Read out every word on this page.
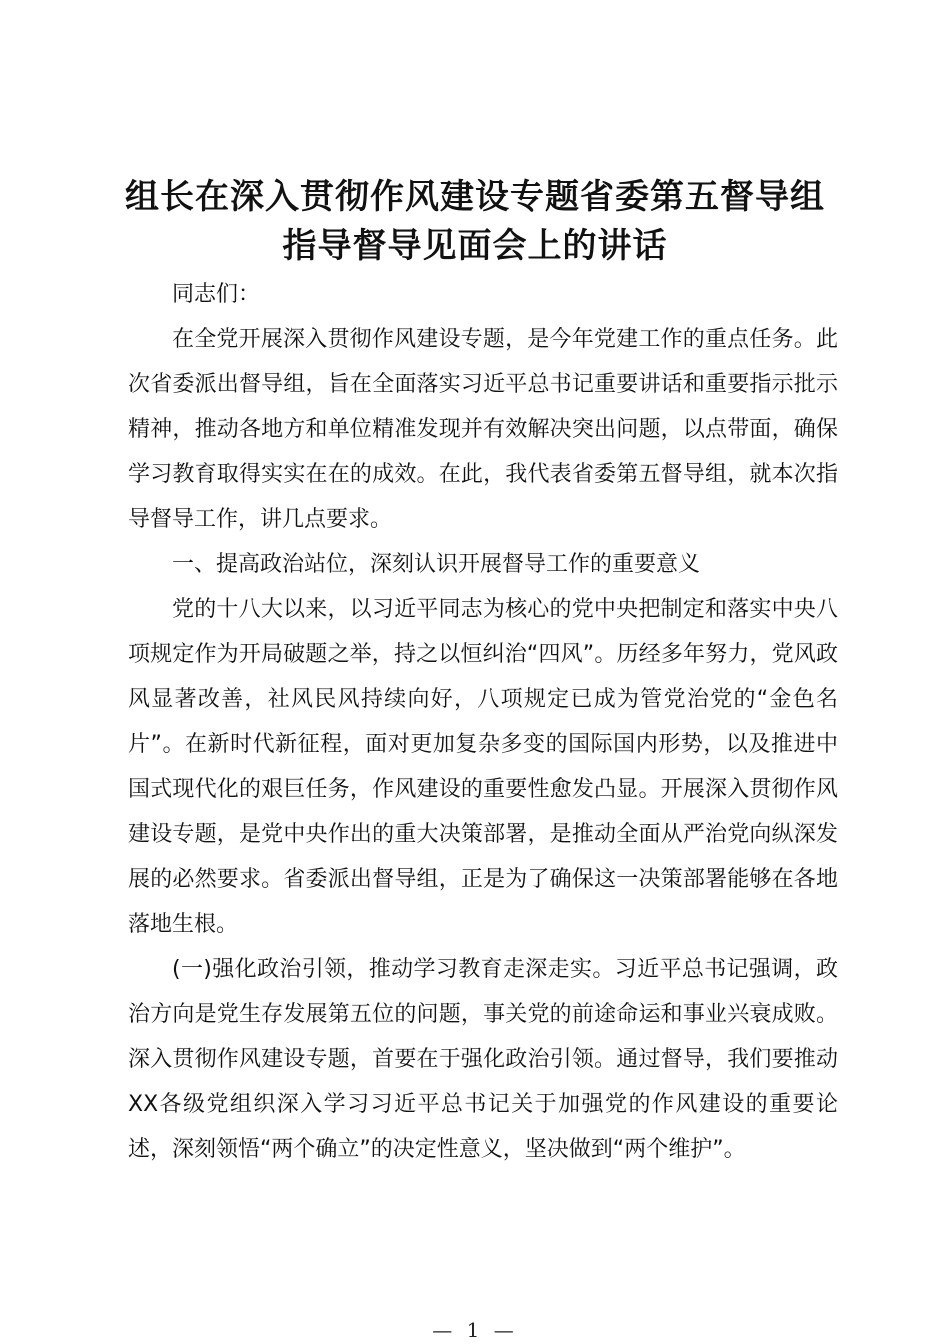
组长在深入贯彻作风建设专题省委第五督导组
指导督导见面会上的讲话

同志们：

在全党开展深入贯彻作风建设专题，是今年党建工作的重点任务。此次省委派出督导组，旨在全面落实习近平总书记重要讲话和重要指示批示精神，推动各地方和单位精准发现并有效解决突出问题，以点带面，确保学习教育取得实实在在的成效。在此，我代表省委第五督导组，就本次指导督导工作，讲几点要求。

一、提高政治站位，深刻认识开展督导工作的重要意义

党的十八大以来，以习近平同志为核心的党中央把制定和落实中央八项规定作为开局破题之举，持之以恒纠治“四风”。历经多年努力，党风政风显著改善，社风民风持续向好，八项规定已成为管党治党的“金色名片”。在新时代新征程，面对更加复杂多变的国际国内形势，以及推进中国式现代化的艰巨任务，作风建设的重要性愈发凸显。开展深入贯彻作风建设专题，是党中央作出的重大决策部署，是推动全面从严治党向纵深发展的必然要求。省委派出督导组，正是为了确保这一决策部署能够在各地落地生根。

(一)强化政治引领，推动学习教育走深走实。习近平总书记强调，政治方向是党生存发展第五位的问题，事关党的前途命运和事业兴衰成败。深入贯彻作风建设专题，首要在于强化政治引领。通过督导，我们要推动XX各级党组织深入学习习近平总书记关于加强党的作风建设的重要论述，深刻领悟“两个确立”的决定性意义，坚决做到“两个维护”。

— 1 —
